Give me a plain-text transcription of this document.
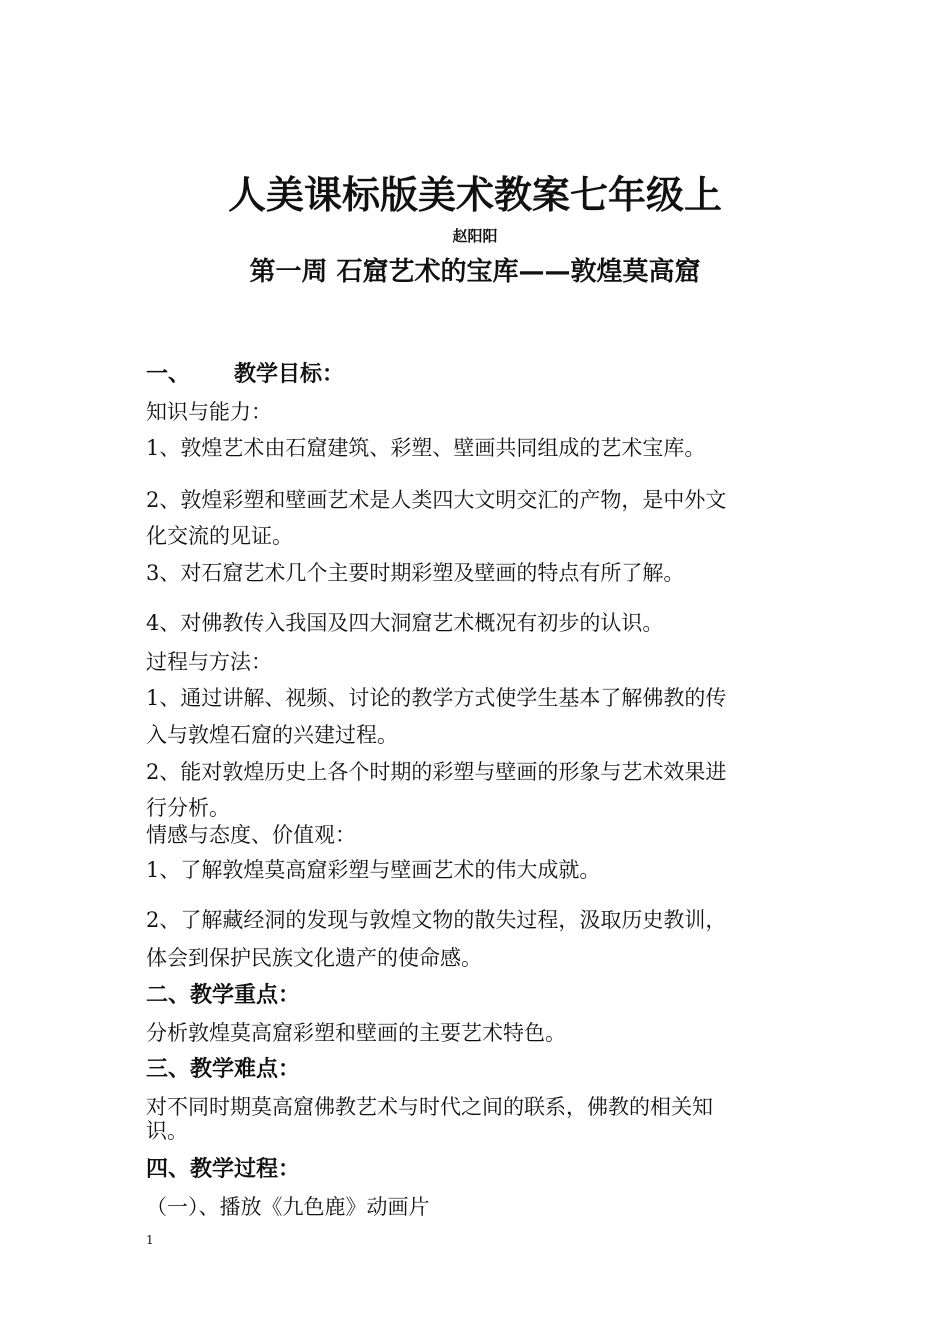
人美课标版美术教案七年级上
赵阳阳
第一周 石窟艺术的宝库——敦煌莫高窟
一、 教学目标：
知识与能力：
1、敦煌艺术由石窟建筑、彩塑、壁画共同组成的艺术宝库。
2、敦煌彩塑和壁画艺术是人类四大文明交汇的产物，是中外文
化交流的见证。
3、对石窟艺术几个主要时期彩塑及壁画的特点有所了解。
4、对佛教传入我国及四大洞窟艺术概况有初步的认识。
过程与方法：
1、通过讲解、视频、讨论的教学方式使学生基本了解佛教的传
入与敦煌石窟的兴建过程。
2、能对敦煌历史上各个时期的彩塑与壁画的形象与艺术效果进
行分析。
情感与态度、价值观：
1、了解敦煌莫高窟彩塑与壁画艺术的伟大成就。
2、了解藏经洞的发现与敦煌文物的散失过程，汲取历史教训，
体会到保护民族文化遗产的使命感。
二、教学重点：
分析敦煌莫高窟彩塑和壁画的主要艺术特色。
三、教学难点：
对不同时期莫高窟佛教艺术与时代之间的联系，佛教的相关知
识。
四、教学过程：
（一）、播放《九色鹿》动画片
1
